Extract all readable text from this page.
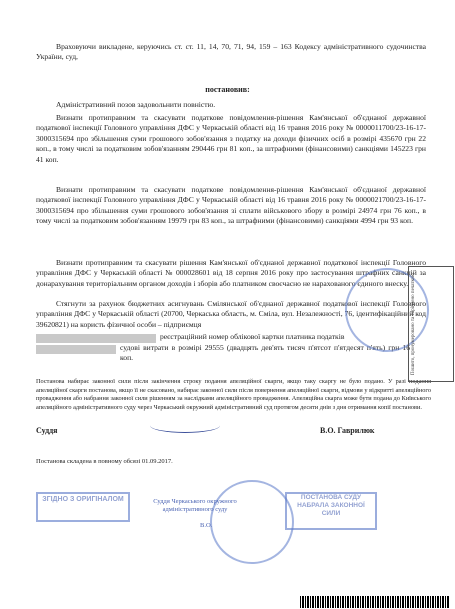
Враховуючи викладене, керуючись ст. ст. 11, 14, 70, 71, 94, 159 – 163 Кодексу адміністративного судочинства України, суд,

постановив:

Адміністративний позов задовольнити повністю.

Визнати протиправним та скасувати податкове повідомлення-рішення Кам'янської об'єднаної державної податкової інспекції Головного управління ДФС у Черкаській області від 16 травня 2016 року № 0000011700/23-16-17-3000315694 про збільшення суми грошового зобов'язання з податку на доходи фізичних осіб в розмірі 435670 грн 22 коп., в тому числі за податковим зобов'язанням 290446 грн 81 коп., за штрафними (фінансовими) санкціями 145223 грн 41 коп.

Визнати протиправним та скасувати податкове повідомлення-рішення Кам'янської об'єднаної державної податкової інспекції Головного управління ДФС у Черкаській області від 16 травня 2016 року № 0000021700/23-16-17-3000315694 про збільшення суми грошового зобов'язання зі сплати військового збору в розмірі 24974 грн 76 коп., в тому числі за податковим зобов'язанням 19979 грн 83 коп., за штрафними (фінансовими) санкціями 4994 грн 93 коп.

Визнати протиправним та скасувати рішення Кам'янської об'єднаної державної податкової інспекції Головного управління ДФС у Черкаській області № 000028601 від 18 серпня 2016 року про застосування штрафних санкцій за донарахування територіальним органом доходів і зборів або платником своєчасно не нарахованого єдиного внеску.

Стягнути за рахунок бюджетних асигнувань Смілянської об'єднаної державної податкової інспекції Головного управління ДФС у Черкаській області (20700, Черкаська область, м. Сміла, вул. Незалежності, 76, ідентифікаційний код 39620821) на користь фізичної особи – підприємця

реєстраційний номер облікової картки платника податків

судові витрати в розмірі 29555 (двадцять дев'ять тисяч п'ятсот п'ятдесят п'ять) грн 16 коп.

Постанова набирає законної сили після закінчення строку подання апеляційної скарги, якщо таку скаргу не було подано. У разі подання апеляційної скарги постанова, якщо її не скасовано, набирає законної сили після повернення апеляційної скарги, відмови у відкритті апеляційного провадження або набрання законної сили рішенням за наслідками апеляційного провадження. Апеляційна скарга може бути подана до Київського апеляційного адміністративного суду через Черкаський окружний адміністративний суд протягом десяти днів з дня отримання копії постанови.

Суддя	В.О. Гаврилюк
Постанова складена в повному обсязі 01.09.2017.
Пошито, пронумеровано та скріплено печаткою
ЗГІДНО З ОРИГІНАЛОМ	Суддя Черкаського окружного адміністративного суду
В.О.
ПОСТАНОВА СУДУ НАБРАЛА ЗАКОННОЇ СИЛИ
